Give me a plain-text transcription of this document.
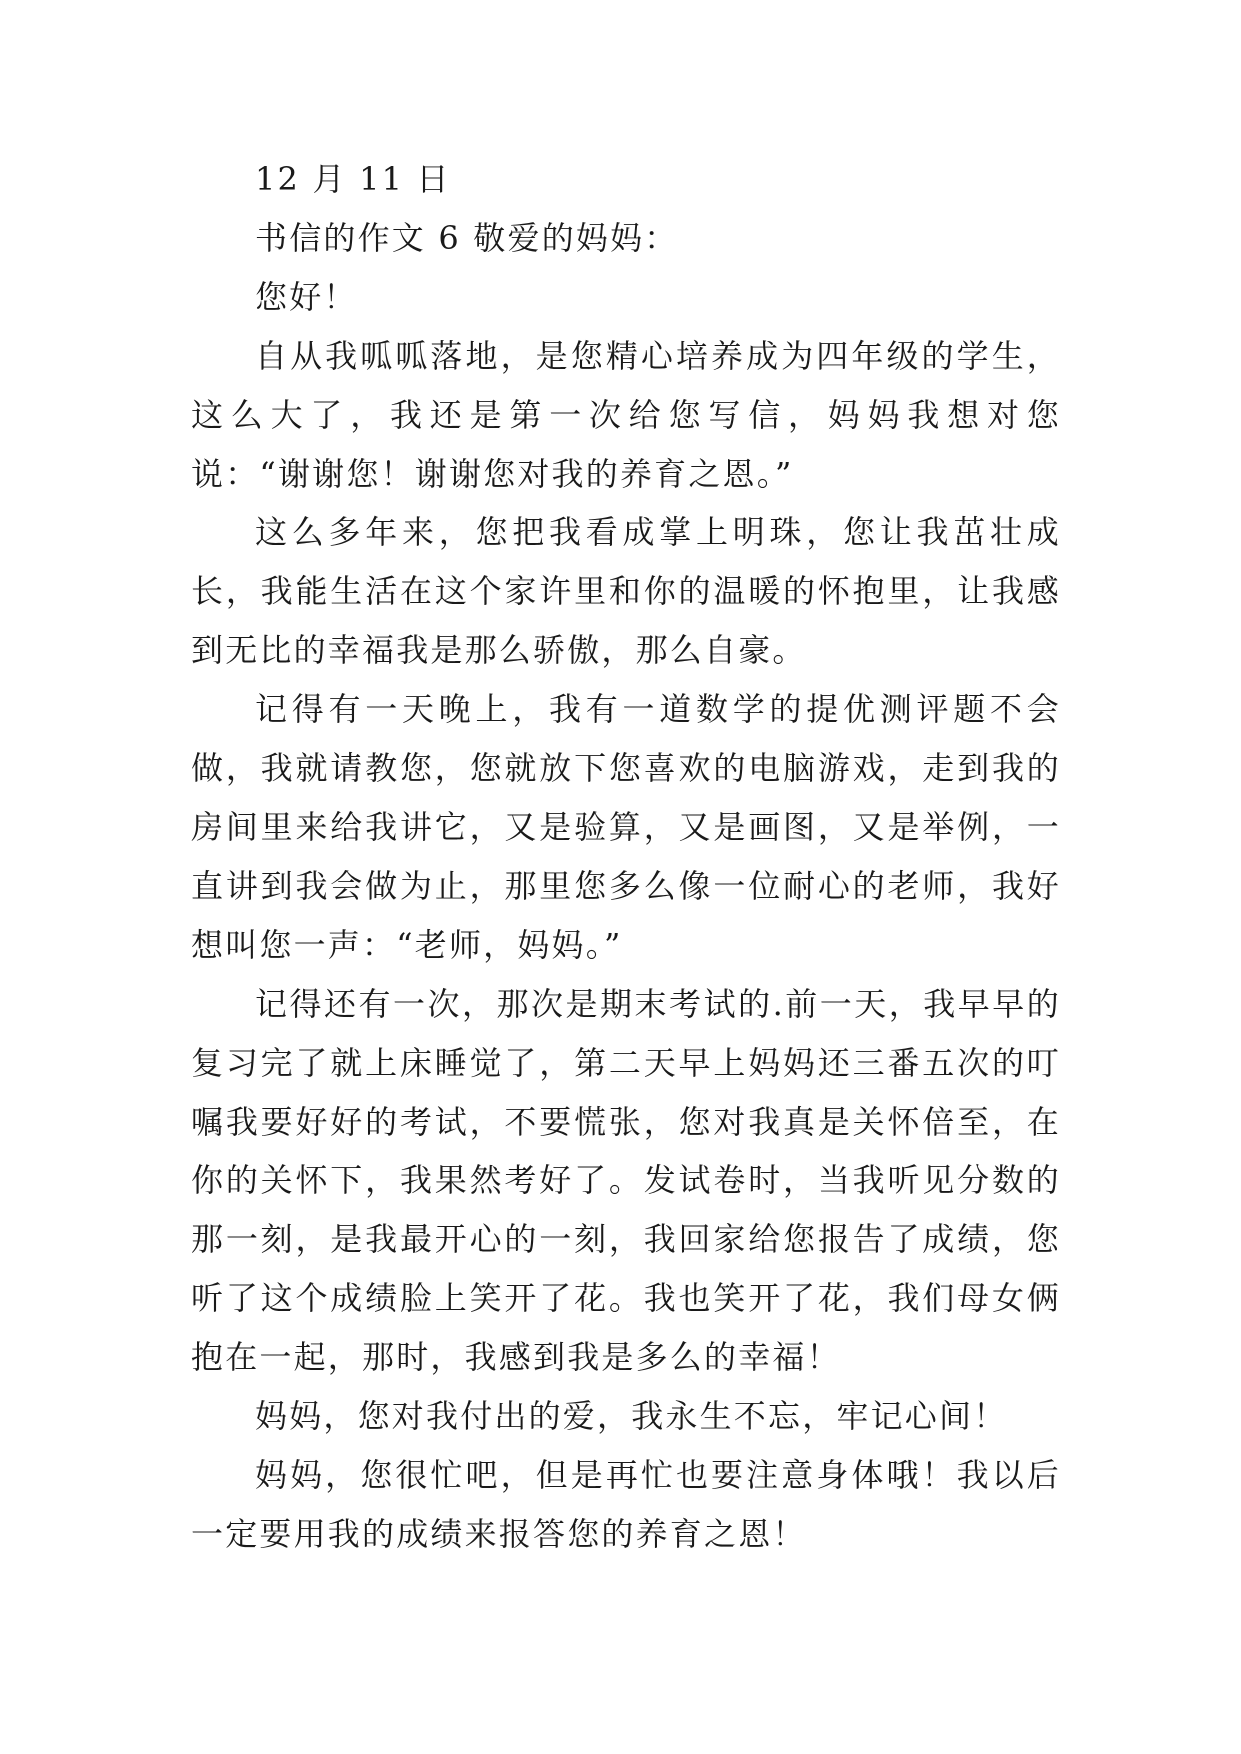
12 月 11 日

书信的作文 6 敬爱的妈妈：

您好！

自从我呱呱落地，是您精心培养成为四年级的学生，这么大了，我还是第一次给您写信，妈妈我想对您说：“谢谢您！谢谢您对我的养育之恩。”

这么多年来，您把我看成掌上明珠，您让我茁壮成长，我能生活在这个家许里和你的温暖的怀抱里，让我感到无比的幸福我是那么骄傲，那么自豪。

记得有一天晚上，我有一道数学的提优测评题不会做，我就请教您，您就放下您喜欢的电脑游戏，走到我的房间里来给我讲它，又是验算，又是画图，又是举例，一直讲到我会做为止，那里您多么像一位耐心的老师，我好想叫您一声：“老师，妈妈。”

记得还有一次，那次是期末考试的.前一天，我早早的复习完了就上床睡觉了，第二天早上妈妈还三番五次的叮嘱我要好好的考试，不要慌张，您对我真是关怀倍至，在你的关怀下，我果然考好了。发试卷时，当我听见分数的那一刻，是我最开心的一刻，我回家给您报告了成绩，您听了这个成绩脸上笑开了花。我也笑开了花，我们母女俩抱在一起，那时，我感到我是多么的幸福！

妈妈，您对我付出的爱，我永生不忘，牢记心间！

妈妈，您很忙吧，但是再忙也要注意身体哦！我以后一定要用我的成绩来报答您的养育之恩！
